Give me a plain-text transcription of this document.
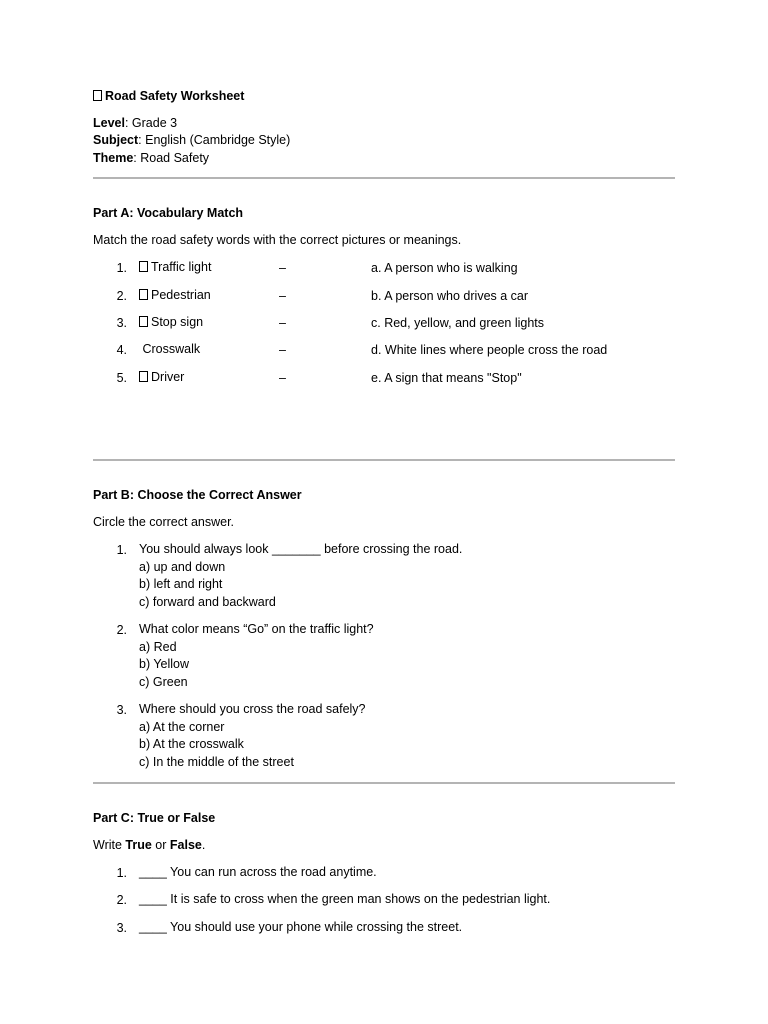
Road Safety Worksheet
Level: Grade 3
Subject: English (Cambridge Style)
Theme: Road Safety
Part A: Vocabulary Match
Match the road safety words with the correct pictures or meanings.
1.	Traffic light	–	a. A person who is walking
2.	Pedestrian	–	b. A person who drives a car
3.	Stop sign	–	c. Red, yellow, and green lights
4. Crosswalk	–	d. White lines where people cross the road
5.	Driver	–	e. A sign that means "Stop"
Part B: Choose the Correct Answer
Circle the correct answer.
1. You should always look _______ before crossing the road.
a) up and down
b) left and right
c) forward and backward
2. What color means “Go” on the traffic light?
a) Red
b) Yellow
c) Green
3. Where should you cross the road safely?
a) At the corner
b) At the crosswalk
c) In the middle of the street
Part C: True or False
Write True or False.
1. ____ You can run across the road anytime.
2. ____ It is safe to cross when the green man shows on the pedestrian light.
3. ____ You should use your phone while crossing the street.
